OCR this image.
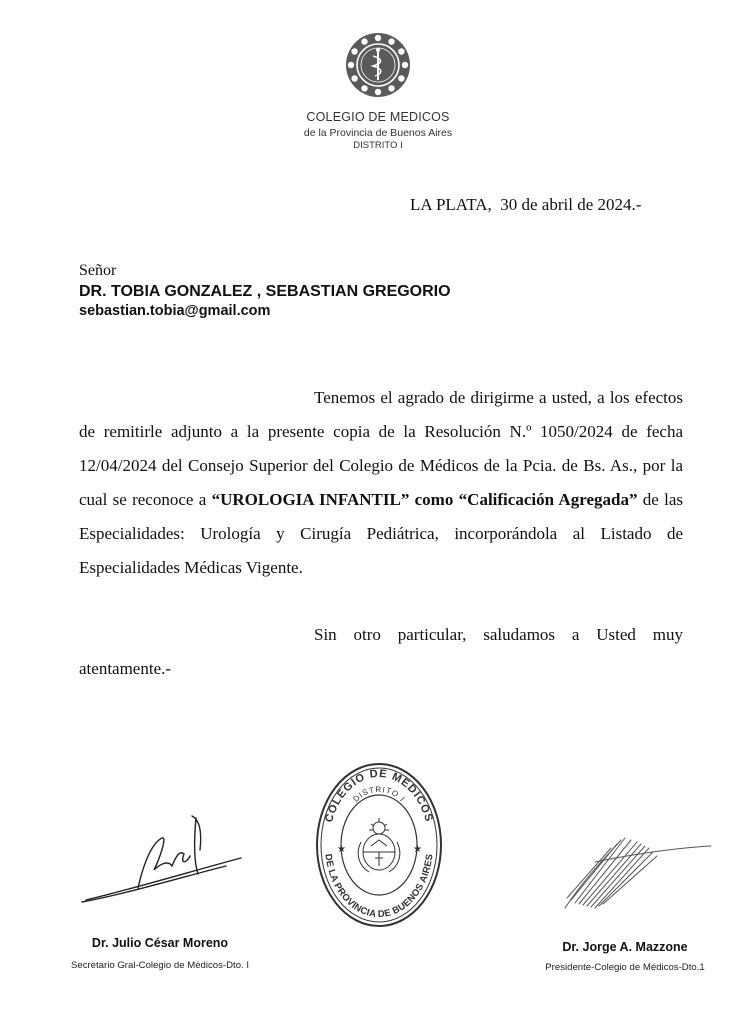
COLEGIO DE MEDICOS
de la Provincia de Buenos Aires
DISTRITO I
LA PLATA,  30 de abril de 2024.-
Señor
DR. TOBIA GONZALEZ , SEBASTIAN GREGORIO
sebastian.tobia@gmail.com

Tenemos el agrado de dirigirme a usted, a los efectos de remitirle adjunto a la presente copia de la Resolución N.º 1050/2024 de fecha 12/04/2024 del Consejo Superior del Colegio de Médicos de la Pcia. de Bs. As., por la cual se reconoce a “UROLOGIA INFANTIL” como “Calificación Agregada” de las Especialidades: Urología y Cirugía Pediátrica, incorporándola al Listado de Especialidades Médicas Vigente.

Sin otro particular, saludamos a Usted muy atentamente.-

COLEGIO DE MEDICOS
DISTRITO I
DE LA PROVINCIA DE BUENOS AIRES
★	★
Dr. Julio César Moreno
Secretario Gral-Colegio de Médicos-Dto. I
Dr. Jorge A. Mazzone
Presidente-Colegio de Médicos-Dto.1
